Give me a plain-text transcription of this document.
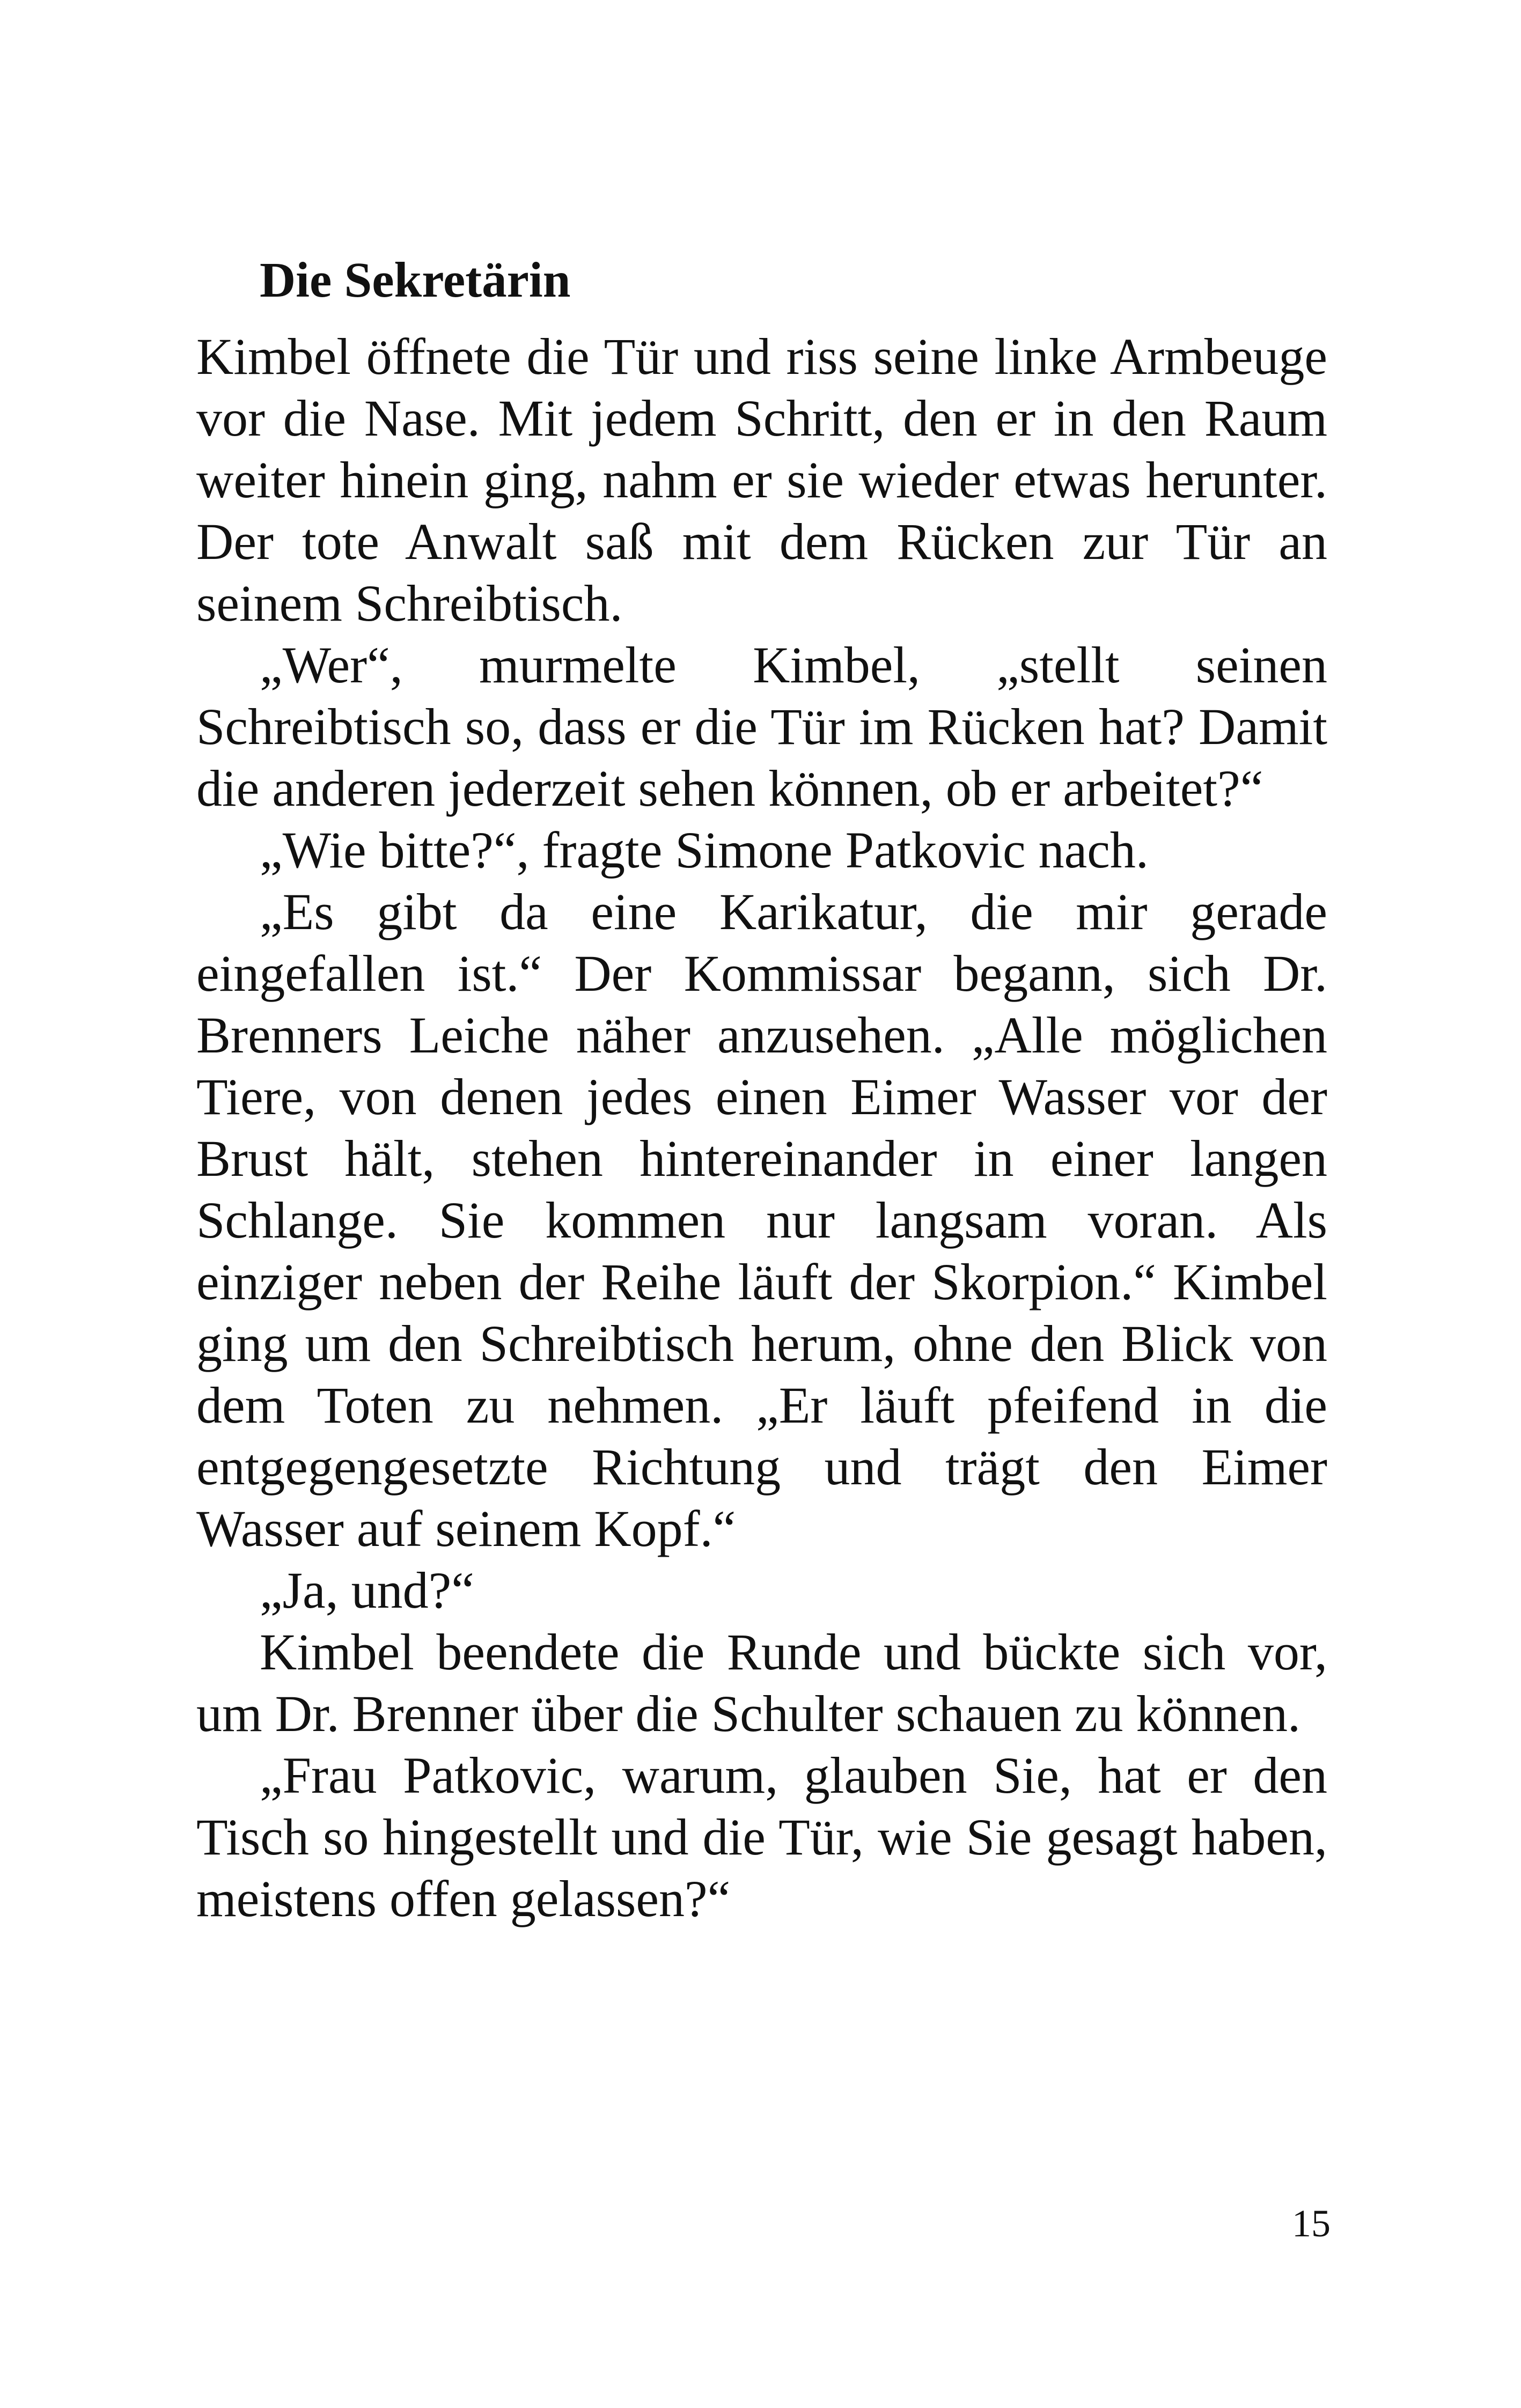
Die Sekretärin

Kimbel öffnete die Tür und riss seine linke Armbeuge vor die Nase. Mit jedem Schritt, den er in den Raum weiter hinein ging, nahm er sie wieder etwas herunter. Der tote Anwalt saß mit dem Rücken zur Tür an seinem Schreibtisch.

„Wer“, murmelte Kimbel, „stellt seinen Schreibtisch so, dass er die Tür im Rücken hat? Damit die anderen jederzeit sehen können, ob er arbeitet?“

„Wie bitte?“, fragte Simone Patkovic nach.

„Es gibt da eine Karikatur, die mir gerade eingefallen ist.“ Der Kommissar begann, sich Dr. Brenners Leiche näher anzusehen. „Alle möglichen Tiere, von denen jedes einen Eimer Wasser vor der Brust hält, stehen hintereinander in einer langen Schlange. Sie kommen nur langsam voran. Als einziger neben der Reihe läuft der Skorpion.“ Kimbel ging um den Schreibtisch herum, ohne den Blick von dem Toten zu nehmen. „Er läuft pfeifend in die entgegengesetzte Richtung und trägt den Eimer Wasser auf seinem Kopf.“

„Ja, und?“

Kimbel beendete die Runde und bückte sich vor, um Dr. Brenner über die Schulter schauen zu können.

„Frau Patkovic, warum, glauben Sie, hat er den Tisch so hingestellt und die Tür, wie Sie gesagt haben, meistens offen gelassen?“

15
